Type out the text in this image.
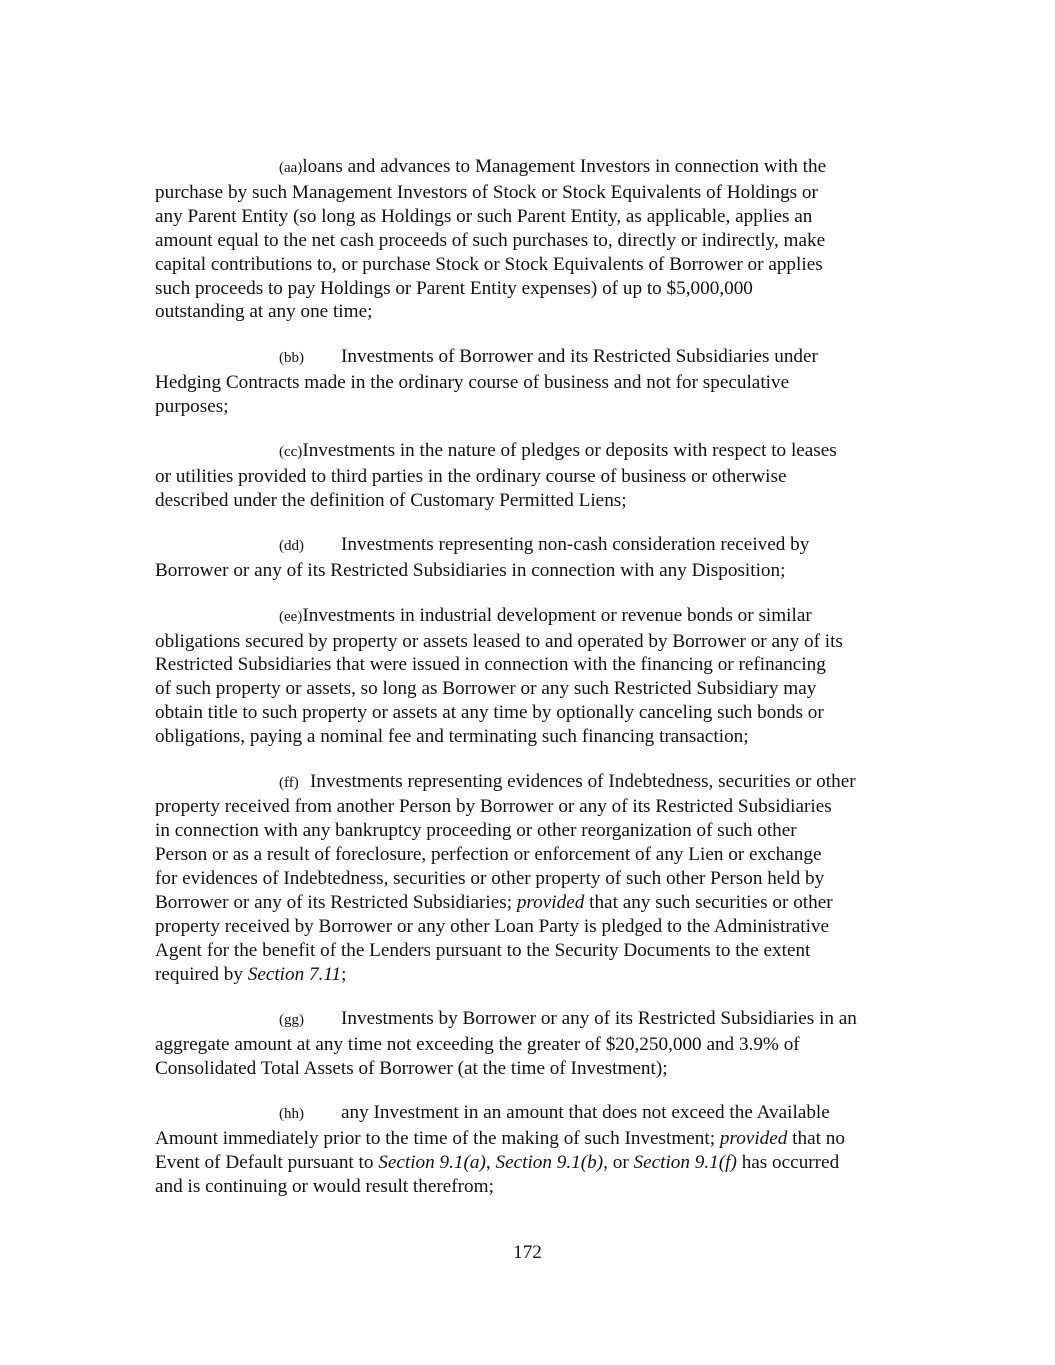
(aa)loans and advances to Management Investors in connection with the
purchase by such Management Investors of Stock or Stock Equivalents of Holdings or
any Parent Entity (so long as Holdings or such Parent Entity, as applicable, applies an
amount equal to the net cash proceeds of such purchases to, directly or indirectly, make
capital contributions to, or purchase Stock or Stock Equivalents of Borrower or applies
such proceeds to pay Holdings or Parent Entity expenses) of up to $5,000,000
outstanding at any one time;
(bb) Investments of Borrower and its Restricted Subsidiaries under
Hedging Contracts made in the ordinary course of business and not for speculative
purposes;
(cc)Investments in the nature of pledges or deposits with respect to leases
or utilities provided to third parties in the ordinary course of business or otherwise
described under the definition of Customary Permitted Liens;
(dd) Investments representing non-cash consideration received by
Borrower or any of its Restricted Subsidiaries in connection with any Disposition;
(ee)Investments in industrial development or revenue bonds or similar
obligations secured by property or assets leased to and operated by Borrower or any of its
Restricted Subsidiaries that were issued in connection with the financing or refinancing
of such property or assets, so long as Borrower or any such Restricted Subsidiary may
obtain title to such property or assets at any time by optionally canceling such bonds or
obligations, paying a nominal fee and terminating such financing transaction;
(ff) Investments representing evidences of Indebtedness, securities or other
property received from another Person by Borrower or any of its Restricted Subsidiaries
in connection with any bankruptcy proceeding or other reorganization of such other
Person or as a result of foreclosure, perfection or enforcement of any Lien or exchange
for evidences of Indebtedness, securities or other property of such other Person held by
Borrower or any of its Restricted Subsidiaries; provided that any such securities or other
property received by Borrower or any other Loan Party is pledged to the Administrative
Agent for the benefit of the Lenders pursuant to the Security Documents to the extent
required by Section 7.11;
(gg) Investments by Borrower or any of its Restricted Subsidiaries in an
aggregate amount at any time not exceeding the greater of $20,250,000 and 3.9% of
Consolidated Total Assets of Borrower (at the time of Investment);
(hh) any Investment in an amount that does not exceed the Available
Amount immediately prior to the time of the making of such Investment; provided that no
Event of Default pursuant to Section 9.1(a), Section 9.1(b), or Section 9.1(f) has occurred
and is continuing or would result therefrom;
172
